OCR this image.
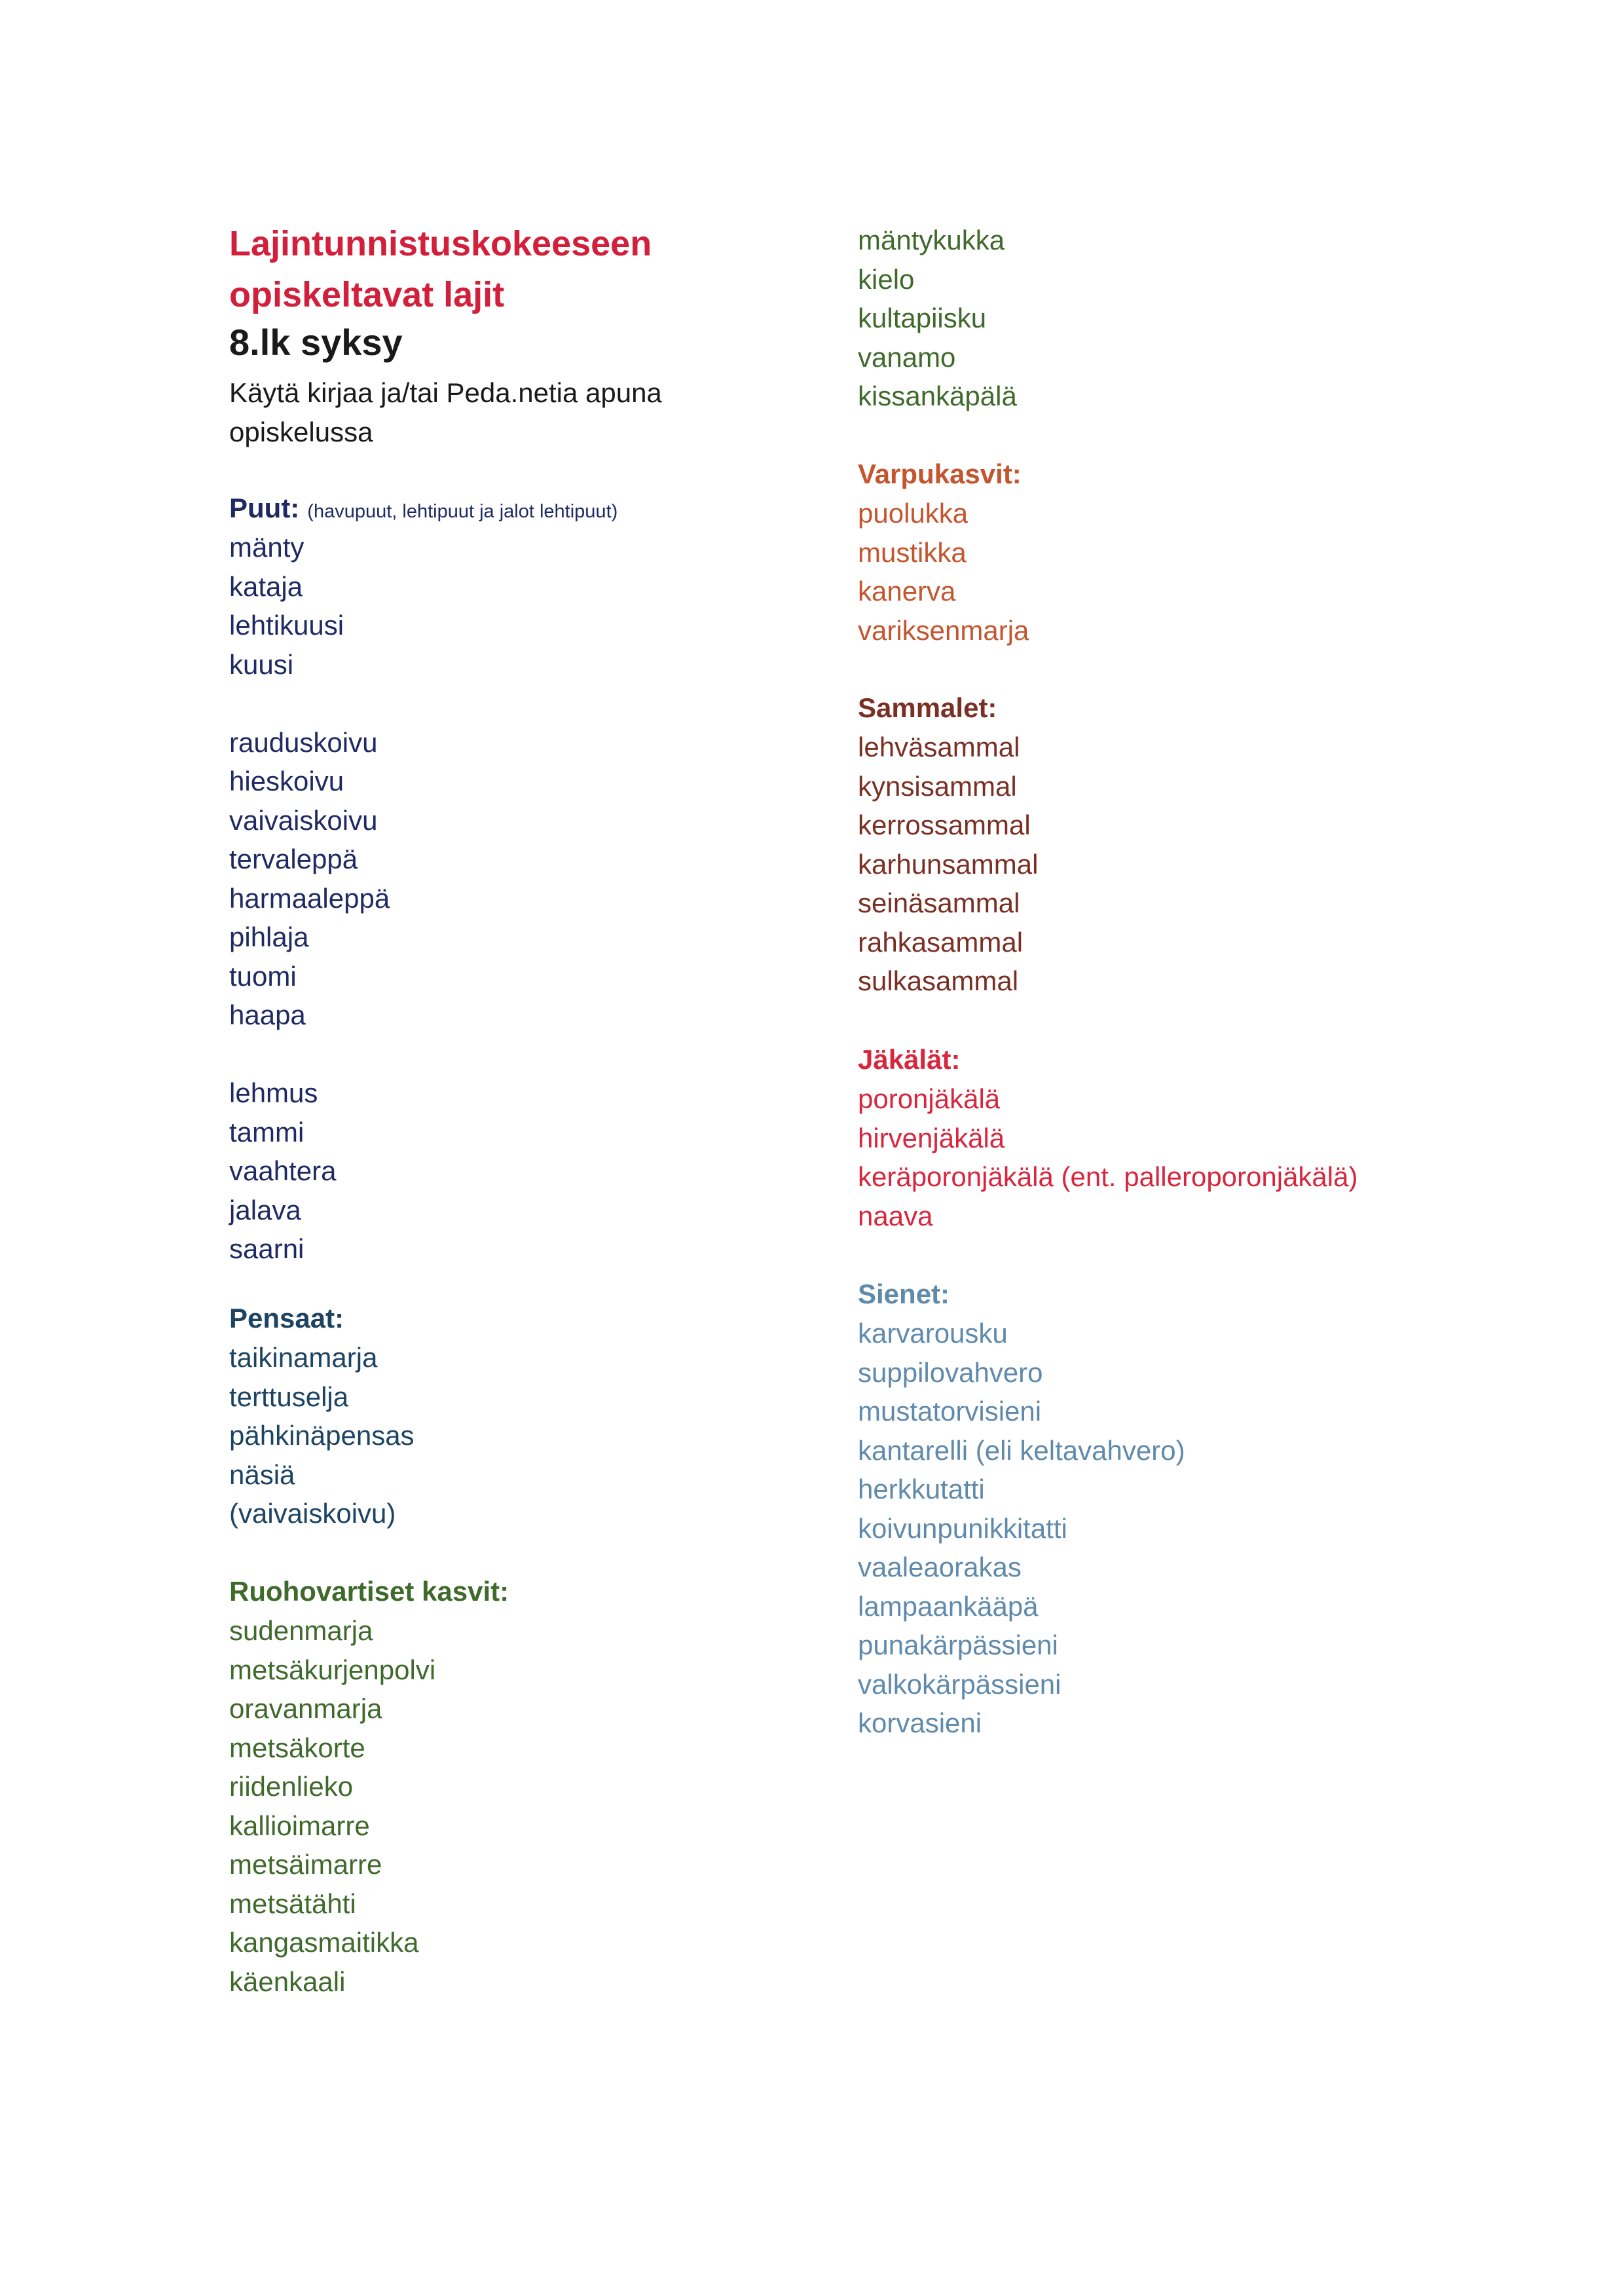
Lajintunnistuskokeeseen
opiskeltavat lajit
8.lk syksy
Käytä kirjaa ja/tai Peda.netia apuna
opiskelussa
Puut: (havupuut, lehtipuut ja jalot lehtipuut)
mänty
kataja
lehtikuusi
kuusi
rauduskoivu
hieskoivu
vaivaiskoivu
tervaleppä
harmaaleppä
pihlaja
tuomi
haapa
lehmus
tammi
vaahtera
jalava
saarni
Pensaat:
taikinamarja
terttuselja
pähkinäpensas
näsiä
(vaivaiskoivu)
Ruohovartiset kasvit:
sudenmarja
metsäkurjenpolvi
oravanmarja
metsäkorte
riidenlieko
kallioimarre
metsäimarre
metsätähti
kangasmaitikka
käenkaali
mäntykukka
kielo
kultapiisku
vanamo
kissankäpälä
Varpukasvit:
puolukka
mustikka
kanerva
variksenmarja
Sammalet:
lehväsammal
kynsisammal
kerrossammal
karhunsammal
seinäsammal
rahkasammal
sulkasammal
Jäkälät:
poronjäkälä
hirvenjäkälä
keräporonjäkälä (ent. palleroporonjäkälä)
naava
Sienet:
karvarousku
suppilovahvero
mustatorvisieni
kantarelli (eli keltavahvero)
herkkutatti
koivunpunikkitatti
vaaleaorakas
lampaankääpä
punakärpässieni
valkokärpässieni
korvasieni
